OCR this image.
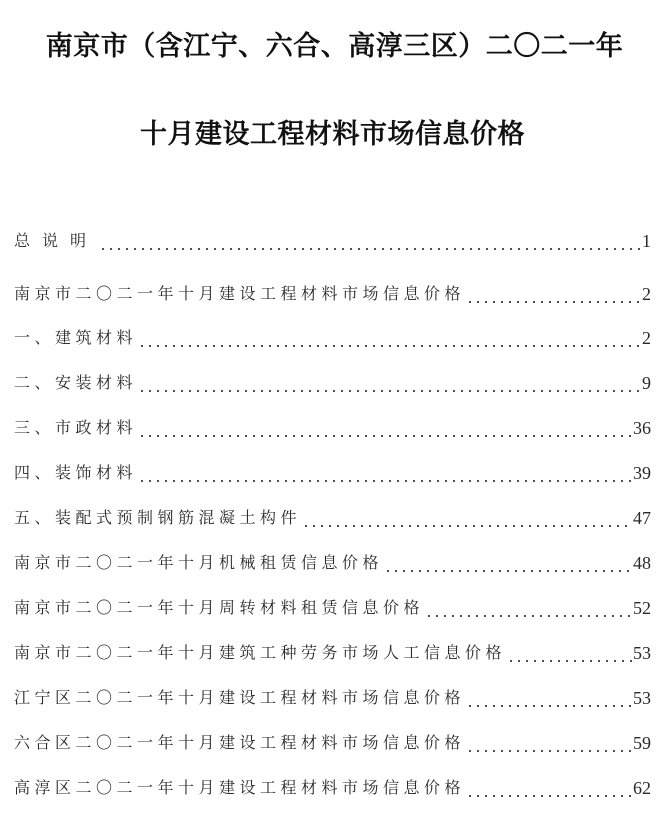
南京市（含江宁、六合、高淳三区）二〇二一年
十月建设工程材料市场信息价格
总说明	1
南京市二〇二一年十月建设工程材料市场信息价格	2
一、建筑材料	2
二、安装材料	9
三、市政材料	36
四、装饰材料	39
五、装配式预制钢筋混凝土构件	47
南京市二〇二一年十月机械租赁信息价格	48
南京市二〇二一年十月周转材料租赁信息价格	52
南京市二〇二一年十月建筑工种劳务市场人工信息价格	53
江宁区二〇二一年十月建设工程材料市场信息价格	53
六合区二〇二一年十月建设工程材料市场信息价格	59
高淳区二〇二一年十月建设工程材料市场信息价格	62
